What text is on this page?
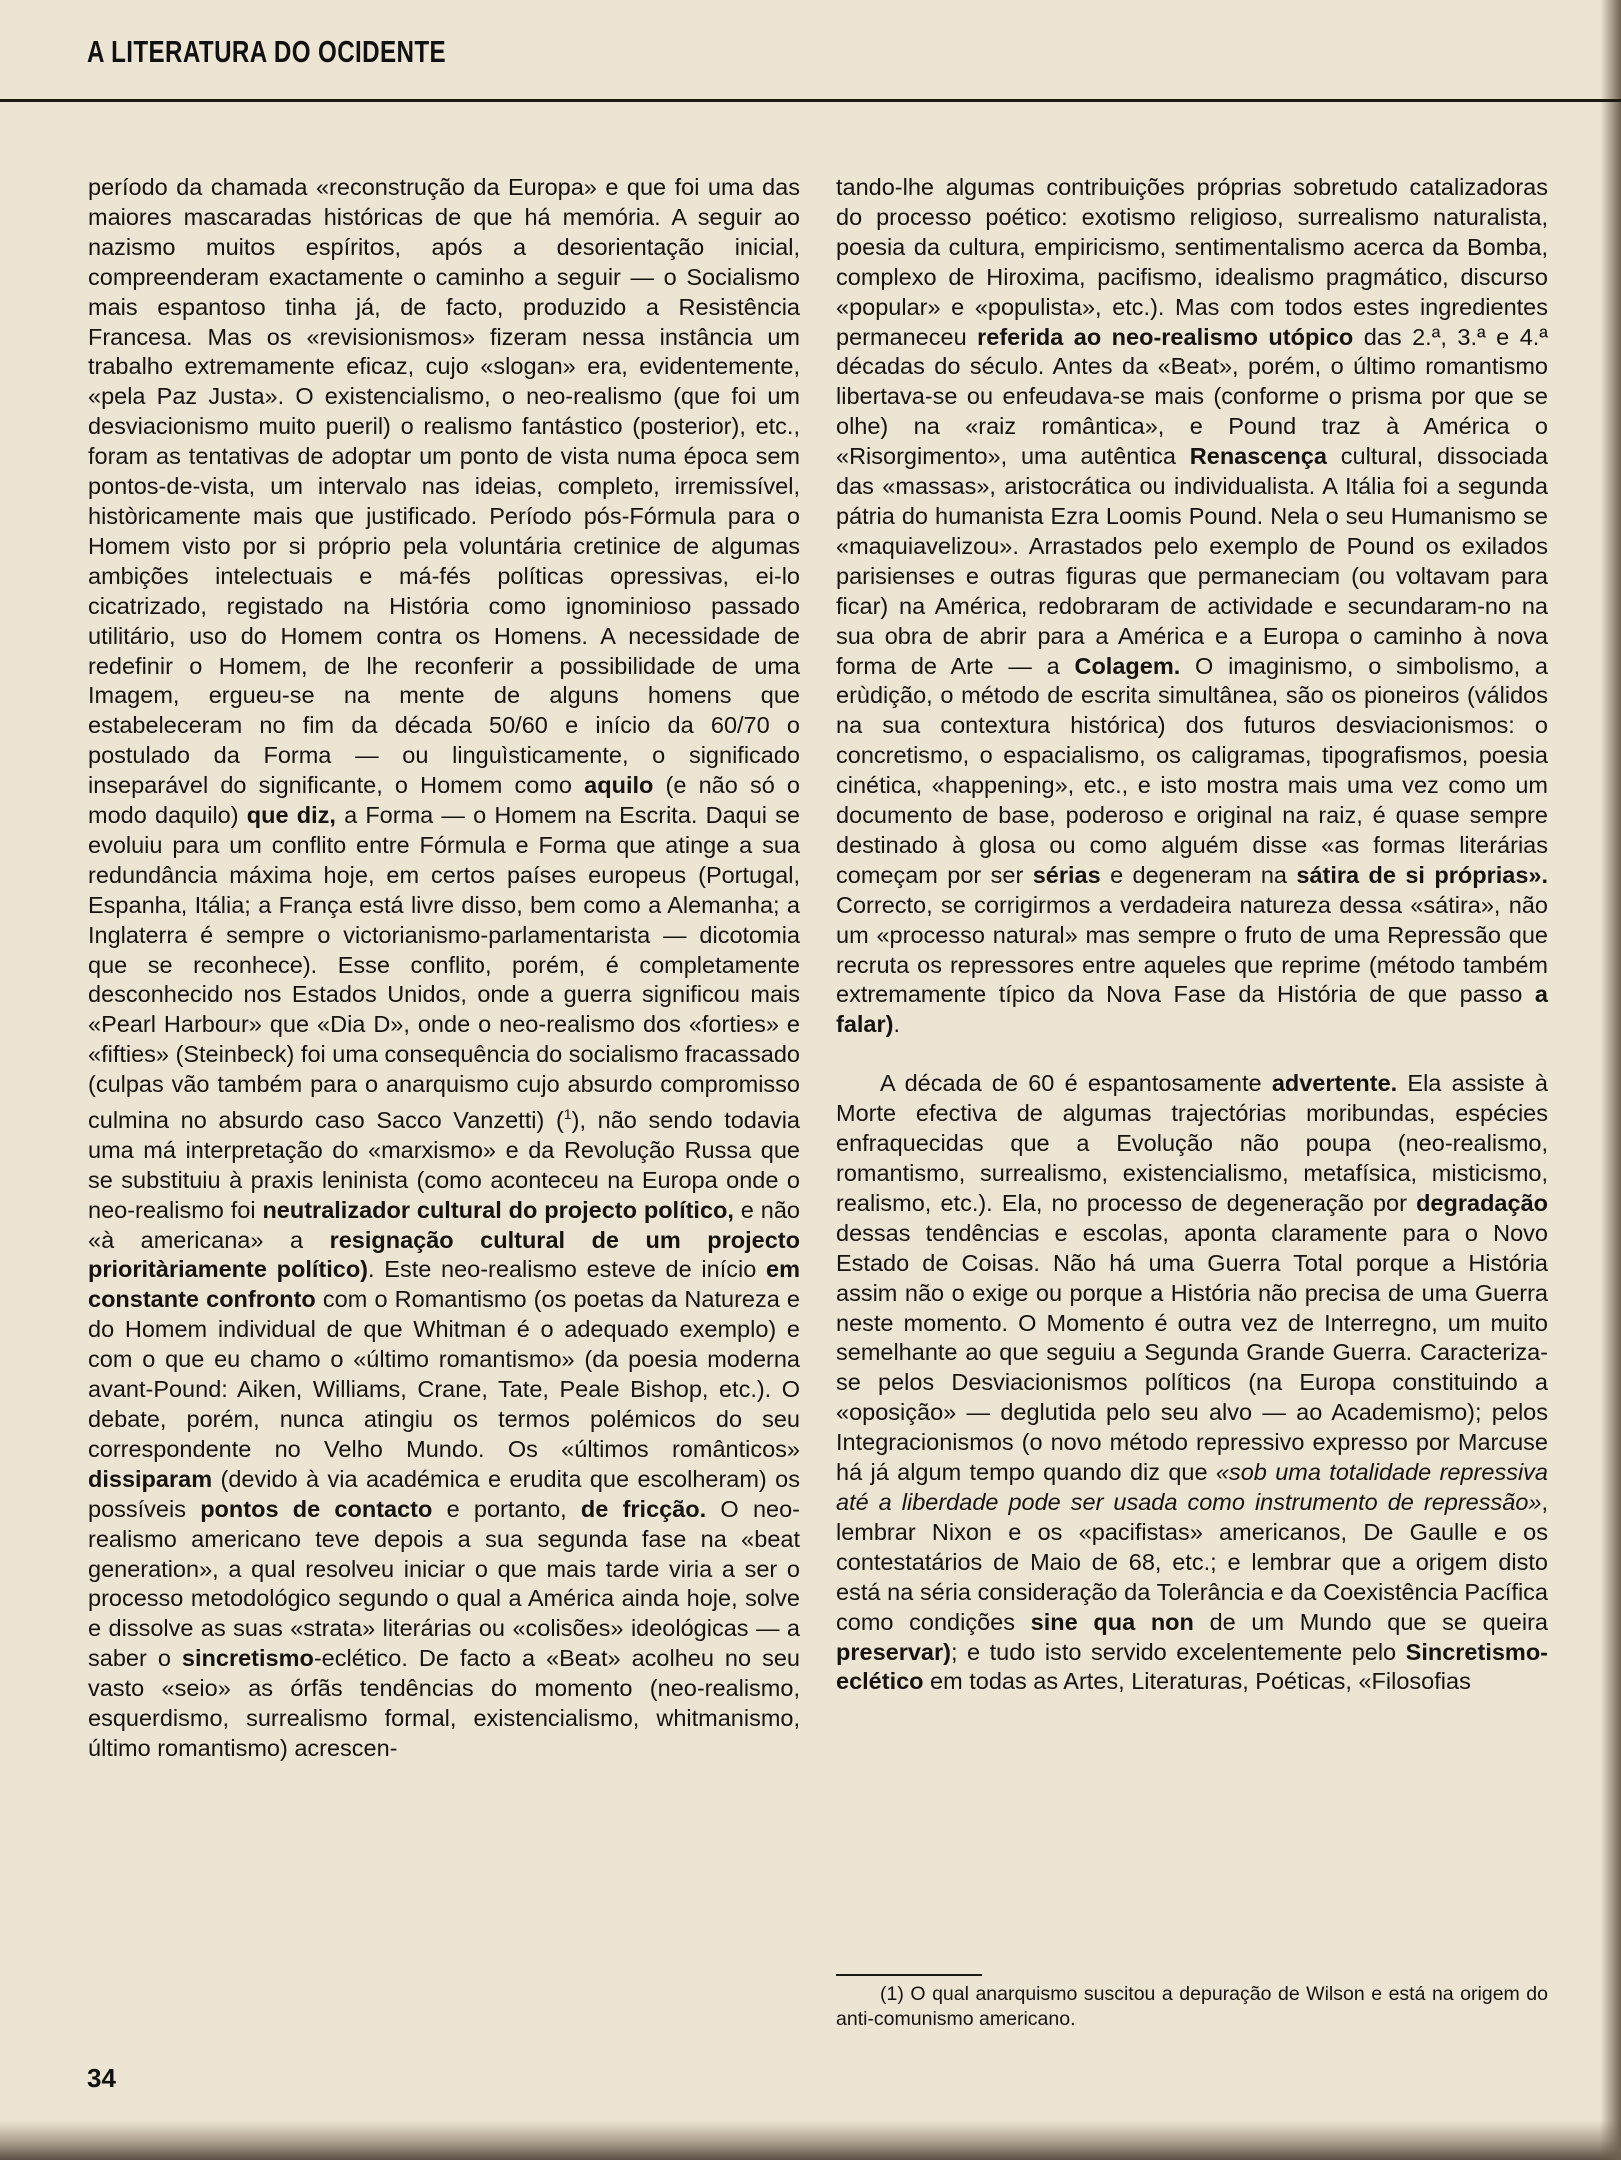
A LITERATURA DO OCIDENTE

período da chamada «reconstrução da Europa» e que foi uma das maiores mascaradas históricas de que há memória. A seguir ao nazismo muitos espíritos, após a desorientação inicial, compreenderam exactamente o caminho a seguir — o Socialismo mais espantoso tinha já, de facto, produzido a Resistência Francesa. Mas os «revisionismos» fizeram nessa instância um trabalho extremamente eficaz, cujo «slogan» era, evidentemente, «pela Paz Justa». O existencialismo, o neo-realismo (que foi um desviacionismo muito pueril) o realismo fantástico (posterior), etc., foram as tentativas de adoptar um ponto de vista numa época sem pontos-de-vista, um intervalo nas ideias, completo, irremissível, històricamente mais que justificado. Período pós-Fórmula para o Homem visto por si próprio pela voluntária cretinice de algumas ambições intelectuais e má-fés políticas opressivas, ei-lo cicatrizado, registado na História como ignominioso passado utilitário, uso do Homem contra os Homens. A necessidade de redefinir o Homem, de lhe reconferir a possibilidade de uma Imagem, ergueu-se na mente de alguns homens que estabeleceram no fim da década 50/60 e início da 60/70 o postulado da Forma — ou linguìsticamente, o significado inseparável do significante, o Homem como aquilo (e não só o modo daquilo) que diz, a Forma — o Homem na Escrita. Daqui se evoluiu para um conflito entre Fórmula e Forma que atinge a sua redundância máxima hoje, em certos países europeus (Portugal, Espanha, Itália; a França está livre disso, bem como a Alemanha; a Inglaterra é sempre o victorianismo-parlamentarista — dicotomia que se reconhece). Esse conflito, porém, é completamente desconhecido nos Estados Unidos, onde a guerra significou mais «Pearl Harbour» que «Dia D», onde o neo-realismo dos «forties» e «fifties» (Steinbeck) foi uma consequência do socialismo fracassado (culpas vão também para o anarquismo cujo absurdo compromisso culmina no absurdo caso Sacco Vanzetti) ($^1$), não sendo todavia uma má interpretação do «marxismo» e da Revolução Russa que se substituiu à praxis leninista (como aconteceu na Europa onde o neo-realismo foi neutralizador cultural do projecto político, e não «à americana» a resignação cultural de um projecto prioritàriamente político). Este neo-realismo esteve de início em constante confronto com o Romantismo (os poetas da Natureza e do Homem individual de que Whitman é o adequado exemplo) e com o que eu chamo o «último romantismo» (da poesia moderna avant-Pound: Aiken, Williams, Crane, Tate, Peale Bishop, etc.). O debate, porém, nunca atingiu os termos polémicos do seu correspondente no Velho Mundo. Os «últimos românticos» dissiparam (devido à via académica e erudita que escolheram) os possíveis pontos de contacto e portanto, de fricção. O neo-realismo americano teve depois a sua segunda fase na «beat generation», a qual resolveu iniciar o que mais tarde viria a ser o processo metodológico segundo o qual a América ainda hoje, solve e dissolve as suas «strata» literárias ou «colisões» ideológicas — a saber o sincretismo-eclético. De facto a «Beat» acolheu no seu vasto «seio» as órfãs tendências do momento (neo-realismo, esquerdismo, surrealismo formal, existencialismo, whitmanismo, último romantismo) acrescen-

tando-lhe algumas contribuições próprias sobretudo catalizadoras do processo poético: exotismo religioso, surrealismo naturalista, poesia da cultura, empiricismo, sentimentalismo acerca da Bomba, complexo de Hiroxima, pacifismo, idealismo pragmático, discurso «popular» e «populista», etc.). Mas com todos estes ingredientes permaneceu referida ao neo-realismo utópico das 2.ª, 3.ª e 4.ª décadas do século. Antes da «Beat», porém, o último romantismo libertava-se ou enfeudava-se mais (conforme o prisma por que se olhe) na «raiz romântica», e Pound traz à América o «Risorgimento», uma autêntica Renascença cultural, dissociada das «massas», aristocrática ou individualista. A Itália foi a segunda pátria do humanista Ezra Loomis Pound. Nela o seu Humanismo se «maquiavelizou». Arrastados pelo exemplo de Pound os exilados parisienses e outras figuras que permaneciam (ou voltavam para ficar) na América, redobraram de actividade e secundaram-no na sua obra de abrir para a América e a Europa o caminho à nova forma de Arte — a Colagem. O imaginismo, o simbolismo, a erùdição, o método de escrita simultânea, são os pioneiros (válidos na sua contextura histórica) dos futuros desviacionismos: o concretismo, o espacialismo, os caligramas, tipografismos, poesia cinética, «happening», etc., e isto mostra mais uma vez como um documento de base, poderoso e original na raiz, é quase sempre destinado à glosa ou como alguém disse «as formas literárias começam por ser sérias e degeneram na sátira de si próprias». Correcto, se corrigirmos a verdadeira natureza dessa «sátira», não um «processo natural» mas sempre o fruto de uma Repressão que recruta os repressores entre aqueles que reprime (método também extremamente típico da Nova Fase da História de que passo a falar).

A década de 60 é espantosamente advertente. Ela assiste à Morte efectiva de algumas trajectórias moribundas, espécies enfraquecidas que a Evolução não poupa (neo-realismo, romantismo, surrealismo, existencialismo, metafísica, misticismo, realismo, etc.). Ela, no processo de degeneração por degradação dessas tendências e escolas, aponta claramente para o Novo Estado de Coisas. Não há uma Guerra Total porque a História assim não o exige ou porque a História não precisa de uma Guerra neste momento. O Momento é outra vez de Interregno, um muito semelhante ao que seguiu a Segunda Grande Guerra. Caracteriza-se pelos Desviacionismos políticos (na Europa constituindo a «oposição» — deglutida pelo seu alvo — ao Academismo); pelos Integracionismos (o novo método repressivo expresso por Marcuse há já algum tempo quando diz que «sob uma totalidade repressiva até a liberdade pode ser usada como instrumento de repressão», lembrar Nixon e os «pacifistas» americanos, De Gaulle e os contestatários de Maio de 68, etc.; e lembrar que a origem disto está na séria consideração da Tolerância e da Coexistência Pacífica como condições sine qua non de um Mundo que se queira preservar); e tudo isto servido excelentemente pelo Sincretismo-eclético em todas as Artes, Literaturas, Poéticas, «Filosofias

(1) O qual anarquismo suscitou a depuração de Wilson e está na origem do anti-comunismo americano.
34
